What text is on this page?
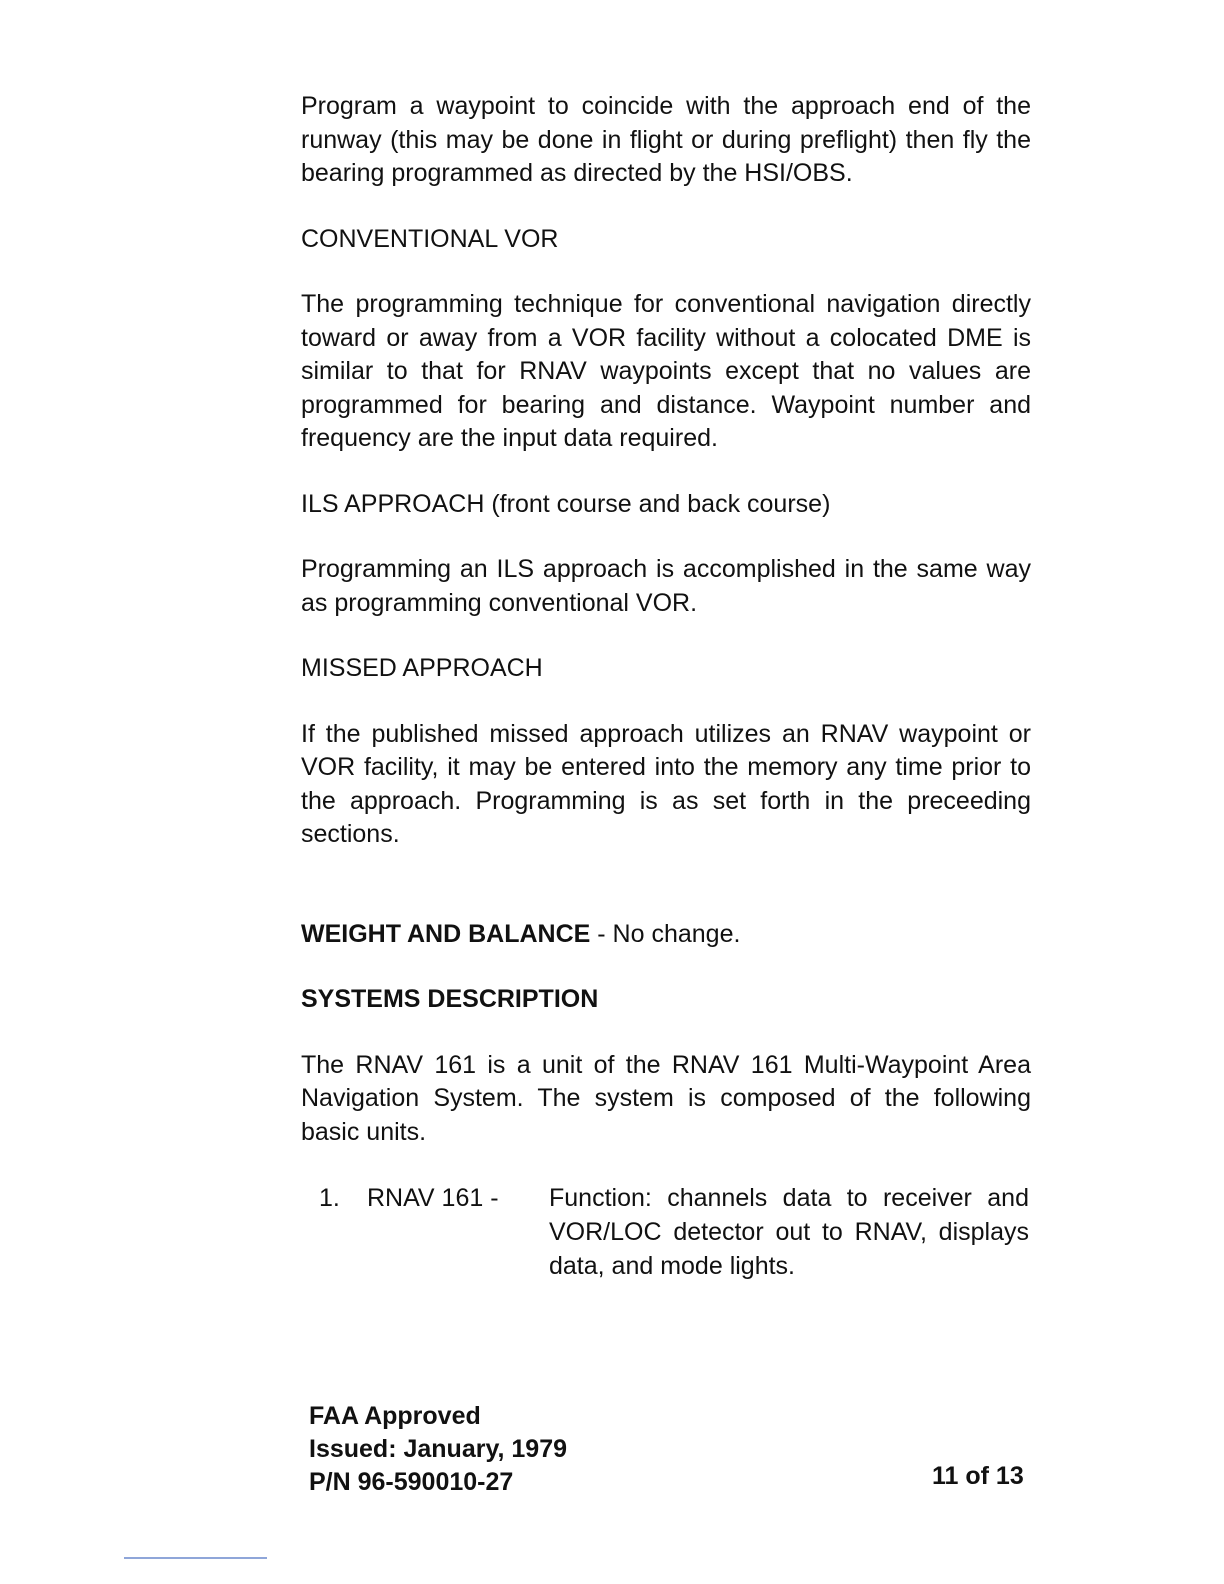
Program a waypoint to coincide with the approach end of the runway (this may be done in flight or during preflight) then fly the bearing programmed as directed by the HSI/OBS.

CONVENTIONAL VOR

The programming technique for conventional navigation directly toward or away from a VOR facility without a colocated DME is similar to that for RNAV waypoints except that no values are programmed for bearing and distance. Waypoint number and frequency are the input data required.

ILS APPROACH (front course and back course)

Programming an ILS approach is accomplished in the same way as programming conventional VOR.

MISSED APPROACH

If the published missed approach utilizes an RNAV waypoint or VOR facility, it may be entered into the memory any time prior to the approach. Programming is as set forth in the preceeding sections.

WEIGHT AND BALANCE - No change.
SYSTEMS DESCRIPTION

The RNAV 161 is a unit of the RNAV 161 Multi-Waypoint Area Navigation System. The system is composed of the following basic units.

1.	RNAV 161 -	Function: channels data to receiver and VOR/LOC detector out to RNAV, displays data, and mode lights.
FAA Approved
Issued: January, 1979
P/N 96-590010-27	11 of 13
